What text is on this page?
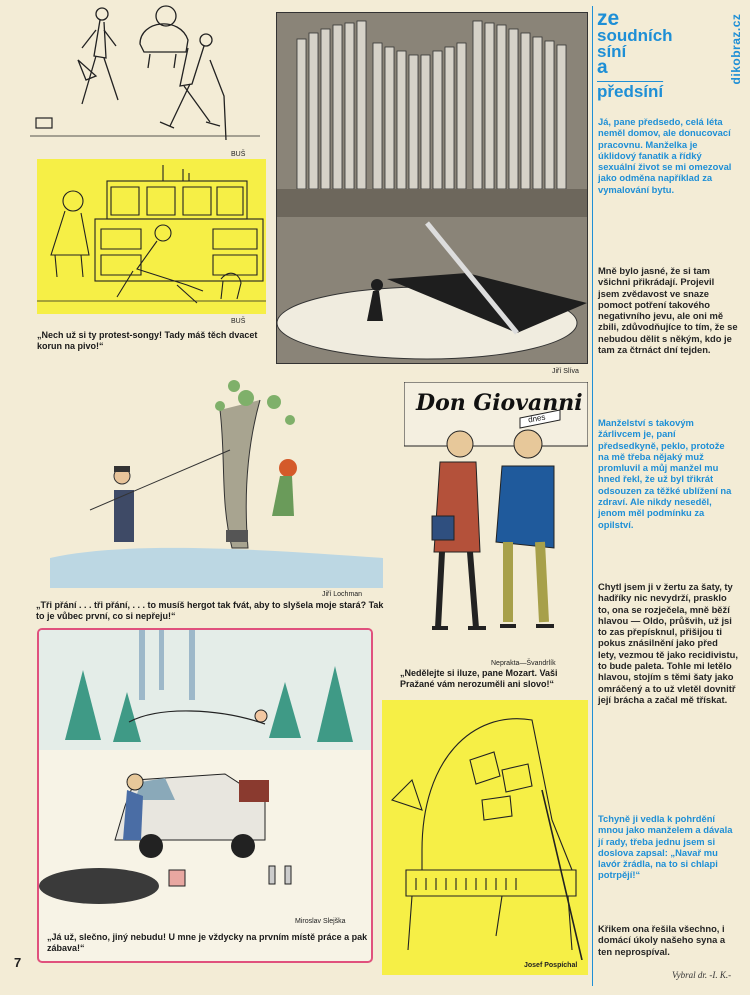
BUŠ
BUŠ
„Nech už si ty protest-songy! Tady máš těch dvacet korun na pivo!“
Jiří Slíva
Jiří Lochman
„Tři přání . . . tři přání, . . . to musíš hergot tak fvát, aby to slyšela moje stará? Tak to je vůbec první, co si nepřeju!“
Don Giovanni
dnes
Neprakta—Švandrlík
„Nedělejte si iluze, pane Mozart. Vaši Pražané vám nerozuměli ani slovo!“
Miroslav Slejška
„Já už, slečno, jiný nebudu! U mne je vždycky na prvním místě práce a pak zábava!“
7	Josef Pospíchal
dikobraz.cz
ze
soudních
síní
a
předsíní
Já, pane předsedo, celá léta neměl domov, ale donucovací pracovnu. Manželka je úklidový fanatik a řídký sexuální život se mi omezoval jako odměna například za vymalování bytu.
Mně bylo jasné, že si tam všichni přikrádají. Projevil jsem zvědavost ve snaze pomoct potření takového negativního jevu, ale oni mě zbili, zdůvodňujíce to tím, že se nebudou dělit s někým, kdo je tam za čtrnáct dní tejden.
Manželství s takovým žárlivcem je, paní předsedkyně, peklo, protože na mě třeba nějaký muž promluvil a můj manžel mu hned řekl, že už byl třikrát odsouzen za těžké ublížení na zdraví. Ale nikdy neseděl, jenom měl podmínku za opilství.
Chytl jsem ji v žertu za šaty, ty hadříky nic nevydrží, prasklo to, ona se rozječela, mně běží hlavou — Oldo, průšvih, už jsi to zas přepísknul, přišijou ti pokus znásilnění jako před lety, vezmou tě jako recidivistu, to bude paleta. Tohle mi letělo hlavou, stojím s těmi šaty jako omráčený a to už vletěl dovnitř její brácha a začal mě třískat.
Tchyně ji vedla k pohrdění mnou jako manželem a dávala jí rady, třeba jednu jsem si doslova zapsal: „Navař mu lavór žrádla, na to si chlapi potrpějí!“
Křikem ona řešila všechno, i domácí úkoly našeho syna a ten neprospíval.
Vybral dr. -I. K.-
